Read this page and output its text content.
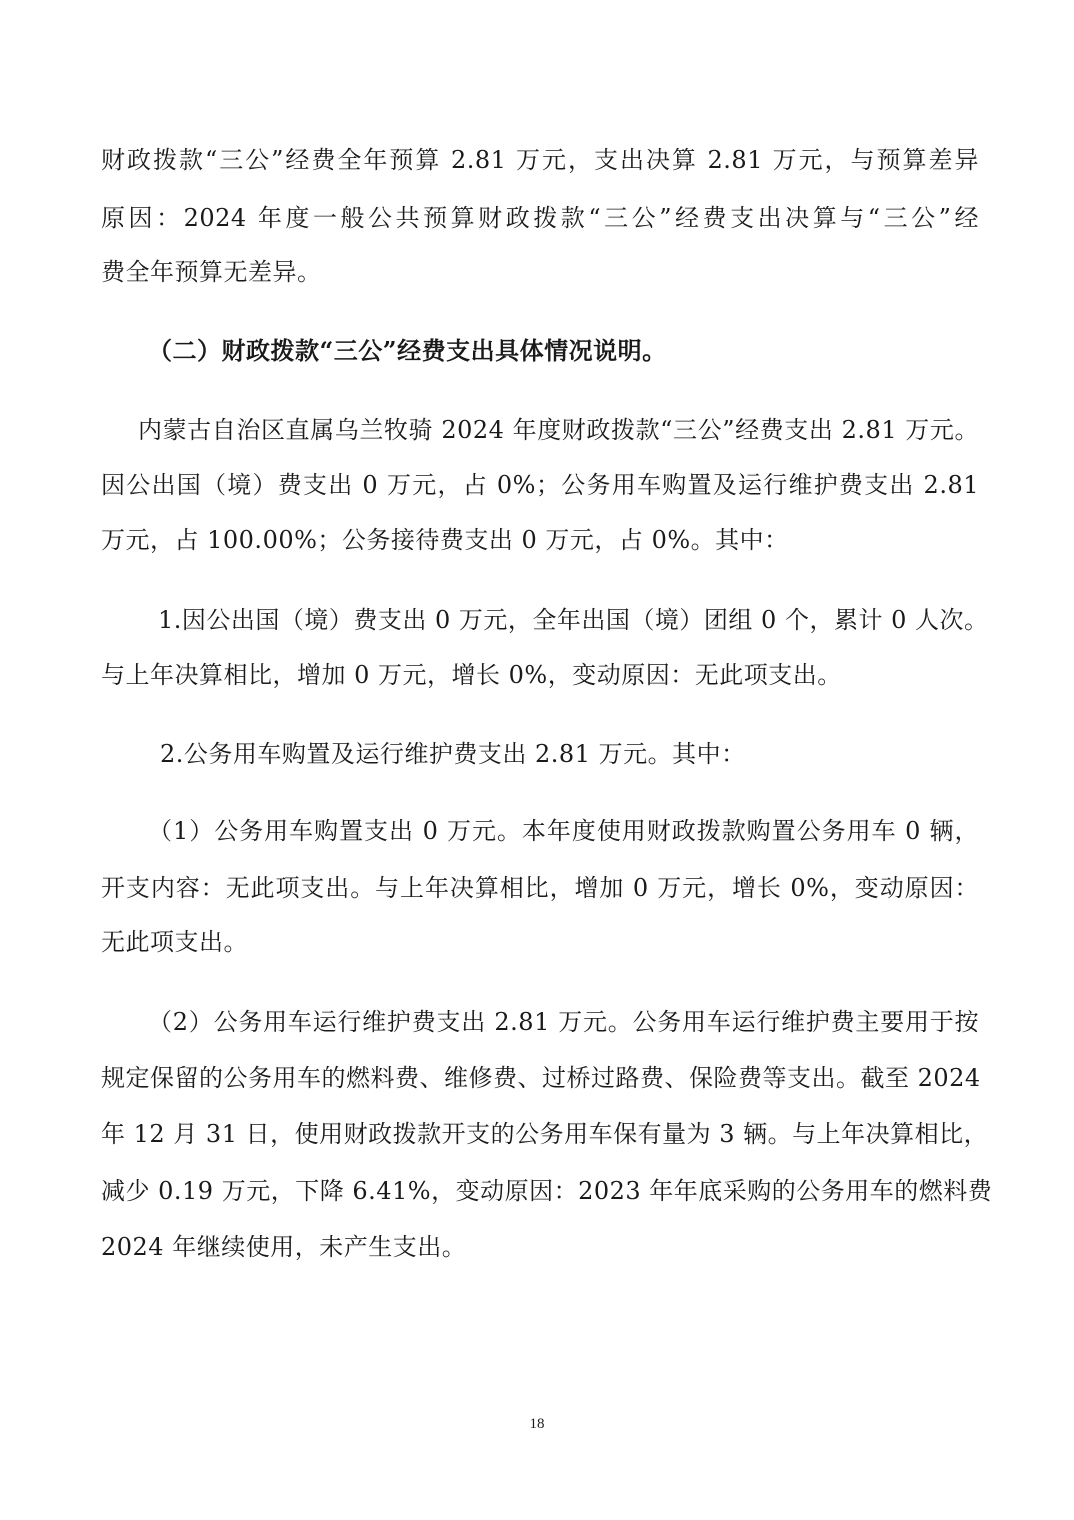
财政拨款“三公”经费全年预算 2.81 万元，支出决算 2.81 万元，与预算差异
原因：2024 年度一般公共预算财政拨款“三公”经费支出决算与“三公”经
费全年预算无差异。
（二）财政拨款“三公”经费支出具体情况说明。
内蒙古自治区直属乌兰牧骑 2024 年度财政拨款“三公”经费支出 2.81 万元。
因公出国（境）费支出 0 万元，占 0%；公务用车购置及运行维护费支出 2.81
万元，占 100.00%；公务接待费支出 0 万元，占 0%。其中：
1.因公出国（境）费支出 0 万元，全年出国（境）团组 0 个，累计 0 人次。
与上年决算相比，增加 0 万元，增长 0%，变动原因：无此项支出。
2.公务用车购置及运行维护费支出 2.81 万元。其中：
（1）公务用车购置支出 0 万元。本年度使用财政拨款购置公务用车 0 辆，
开支内容：无此项支出。与上年决算相比，增加 0 万元，增长 0%，变动原因：
无此项支出。
（2）公务用车运行维护费支出 2.81 万元。公务用车运行维护费主要用于按
规定保留的公务用车的燃料费、维修费、过桥过路费、保险费等支出。截至 2024
年 12 月 31 日，使用财政拨款开支的公务用车保有量为 3 辆。与上年决算相比，
减少 0.19 万元，下降 6.41%，变动原因：2023 年年底采购的公务用车的燃料费
2024 年继续使用，未产生支出。
18
